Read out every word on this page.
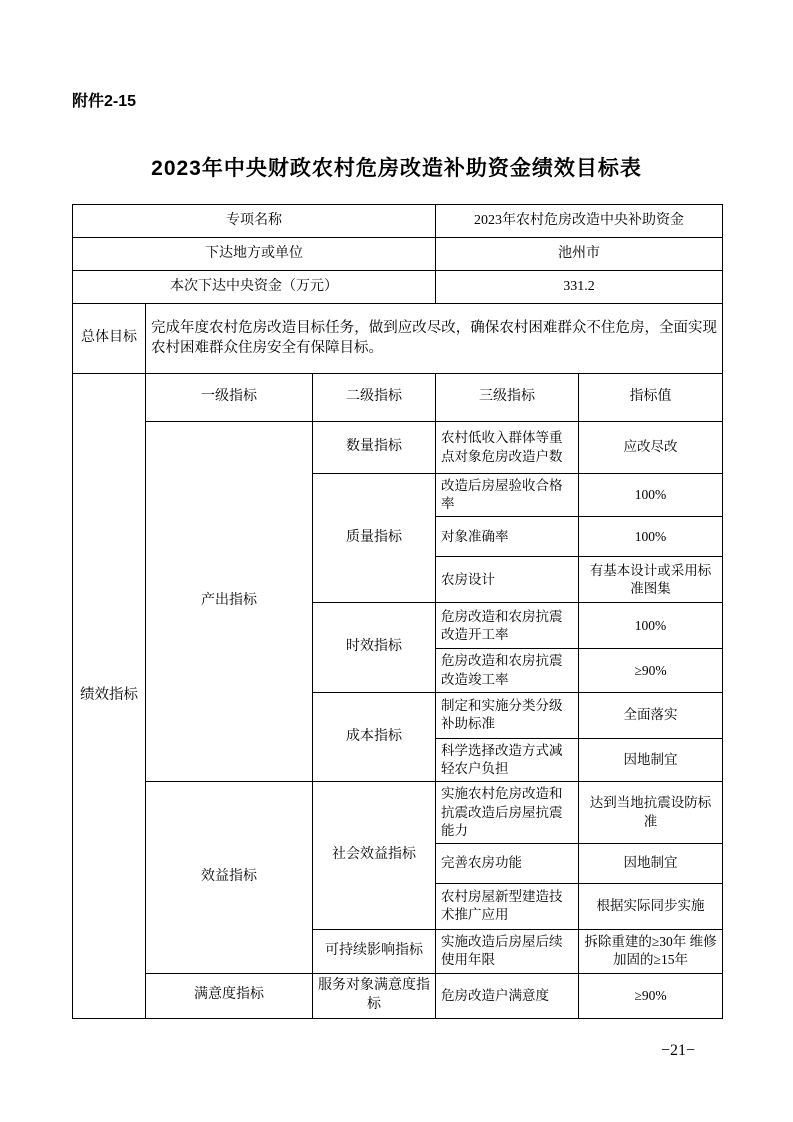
附件2-15
2023年中央财政农村危房改造补助资金绩效目标表
专项名称			2023年农村危房改造中央补助资金	
下达地方或单位			池州市	
本次下达中央资金（万元）			331.2	
总体目标	完成年度农村危房改造目标任务，做到应改尽改，确保农村困难群众不住危房，全面实现农村困难群众住房安全有保障目标。			
绩效指标	一级指标	二级指标	三级指标	指标值
	产出指标	数量指标	农村低收入群体等重点对象危房改造户数	应改尽改
		质量指标	改造后房屋验收合格率	100%
			对象准确率	100%
			农房设计	有基本设计或采用标准图集
		时效指标	危房改造和农房抗震改造开工率	100%
			危房改造和农房抗震改造竣工率	≥90%
		成本指标	制定和实施分类分级补助标准	全面落实
			科学选择改造方式减轻农户负担	因地制宜
	效益指标	社会效益指标	实施农村危房改造和抗震改造后房屋抗震能力	达到当地抗震设防标准
			完善农房功能	因地制宜
			农村房屋新型建造技术推广应用	根据实际同步实施
		可持续影响指标	实施改造后房屋后续使用年限	拆除重建的≥30年 维修加固的≥15年
	满意度指标	服务对象满意度指标	危房改造户满意度	≥90%
−21−
